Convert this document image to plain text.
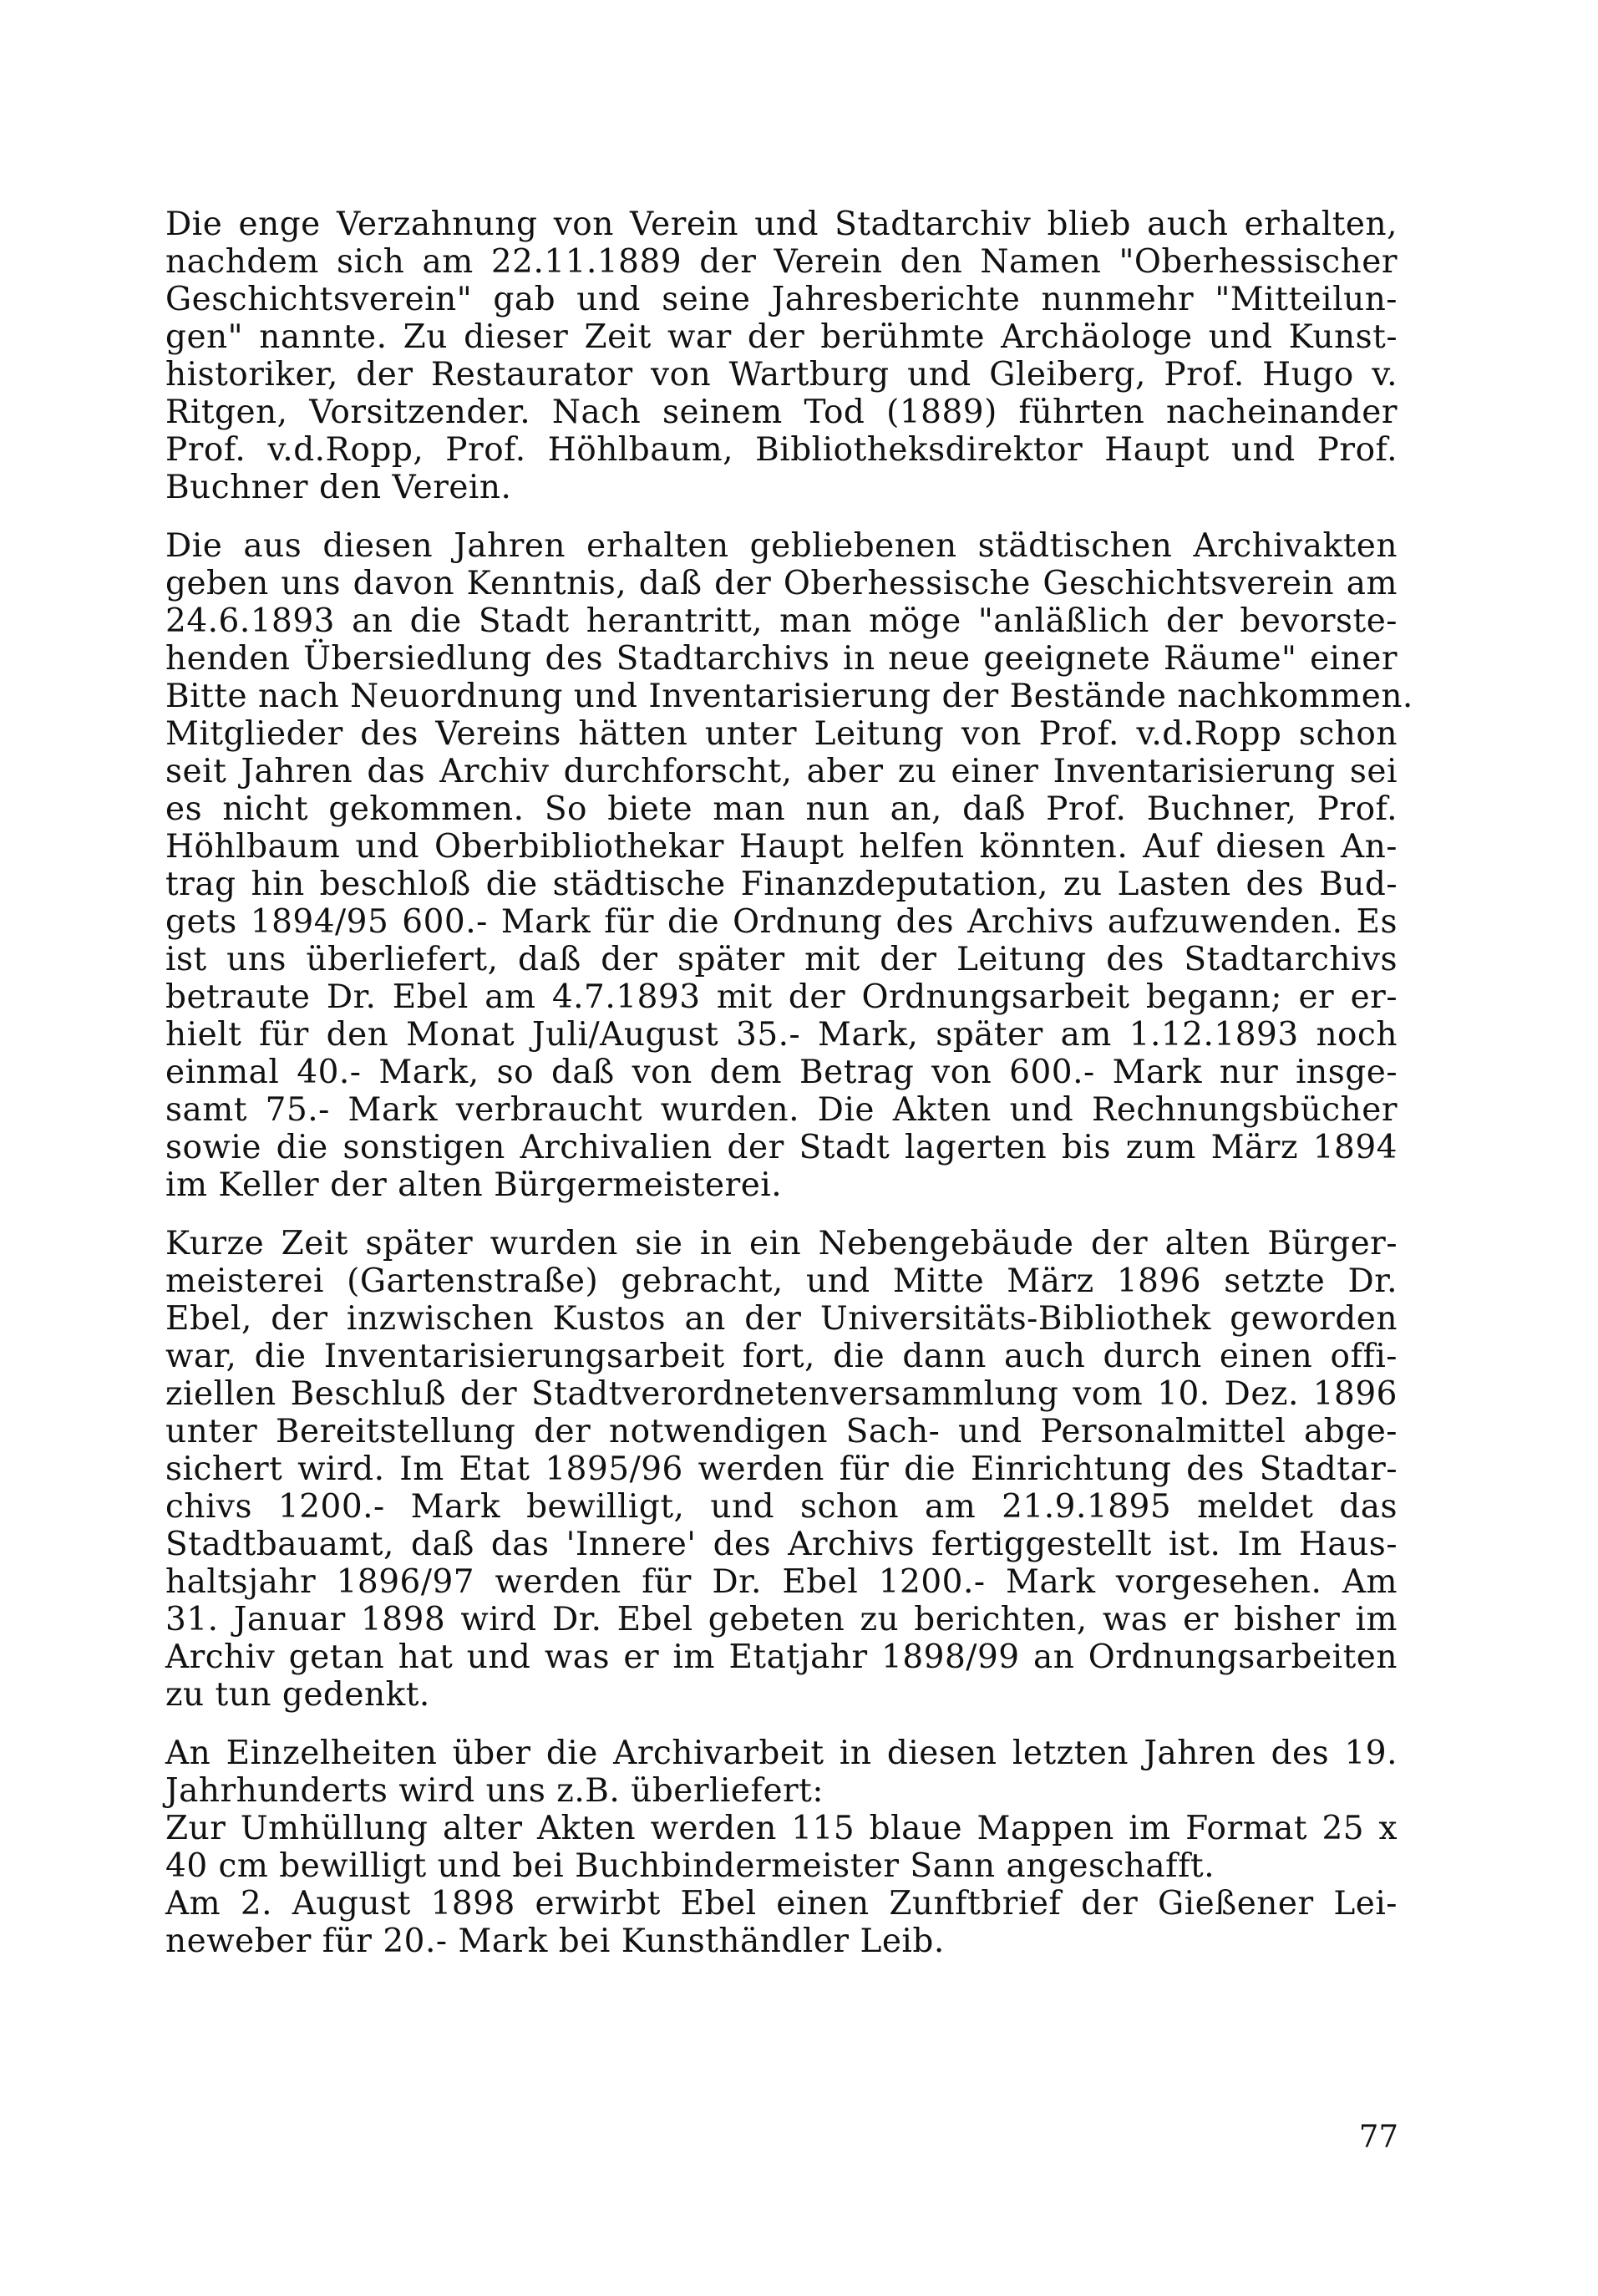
Die enge Verzahnung von Verein und Stadtarchiv blieb auch erhalten,
nachdem sich am 22.11.1889 der Verein den Namen "Oberhessischer
Geschichtsverein" gab und seine Jahresberichte nunmehr "Mitteilun-
gen" nannte. Zu dieser Zeit war der berühmte Archäologe und Kunst-
historiker, der Restaurator von Wartburg und Gleiberg, Prof. Hugo v.
Ritgen, Vorsitzender. Nach seinem Tod (1889) führten nacheinander
Prof. v.d.Ropp, Prof. Höhlbaum, Bibliotheksdirektor Haupt und Prof.
Buchner den Verein.
Die aus diesen Jahren erhalten gebliebenen städtischen Archivakten
geben uns davon Kenntnis, daß der Oberhessische Geschichtsverein am
24.6.1893 an die Stadt herantritt, man möge "anläßlich der bevorste-
henden Übersiedlung des Stadtarchivs in neue geeignete Räume" einer
Bitte nach Neuordnung und Inventarisierung der Bestände nachkommen.
Mitglieder des Vereins hätten unter Leitung von Prof. v.d.Ropp schon
seit Jahren das Archiv durchforscht, aber zu einer Inventarisierung sei
es nicht gekommen. So biete man nun an, daß Prof. Buchner, Prof.
Höhlbaum und Oberbibliothekar Haupt helfen könnten. Auf diesen An-
trag hin beschloß die städtische Finanzdeputation, zu Lasten des Bud-
gets 1894/95 600.- Mark für die Ordnung des Archivs aufzuwenden. Es
ist uns überliefert, daß der später mit der Leitung des Stadtarchivs
betraute Dr. Ebel am 4.7.1893 mit der Ordnungsarbeit begann; er er-
hielt für den Monat Juli/August 35.- Mark, später am 1.12.1893 noch
einmal 40.- Mark, so daß von dem Betrag von 600.- Mark nur insge-
samt 75.- Mark verbraucht wurden. Die Akten und Rechnungsbücher
sowie die sonstigen Archivalien der Stadt lagerten bis zum März 1894
im Keller der alten Bürgermeisterei.
Kurze Zeit später wurden sie in ein Nebengebäude der alten Bürger-
meisterei (Gartenstraße) gebracht, und Mitte März 1896 setzte Dr.
Ebel, der inzwischen Kustos an der Universitäts-Bibliothek geworden
war, die Inventarisierungsarbeit fort, die dann auch durch einen offi-
ziellen Beschluß der Stadtverordnetenversammlung vom 10. Dez. 1896
unter Bereitstellung der notwendigen Sach- und Personalmittel abge-
sichert wird. Im Etat 1895/96 werden für die Einrichtung des Stadtar-
chivs 1200.- Mark bewilligt, und schon am 21.9.1895 meldet das
Stadtbauamt, daß das 'Innere' des Archivs fertiggestellt ist. Im Haus-
haltsjahr 1896/97 werden für Dr. Ebel 1200.- Mark vorgesehen. Am
31. Januar 1898 wird Dr. Ebel gebeten zu berichten, was er bisher im
Archiv getan hat und was er im Etatjahr 1898/99 an Ordnungsarbeiten
zu tun gedenkt.
An Einzelheiten über die Archivarbeit in diesen letzten Jahren des 19.
Jahrhunderts wird uns z.B. überliefert:
Zur Umhüllung alter Akten werden 115 blaue Mappen im Format 25 x
40 cm bewilligt und bei Buchbindermeister Sann angeschafft.
Am 2. August 1898 erwirbt Ebel einen Zunftbrief der Gießener Lei-
neweber für 20.- Mark bei Kunsthändler Leib.
77
